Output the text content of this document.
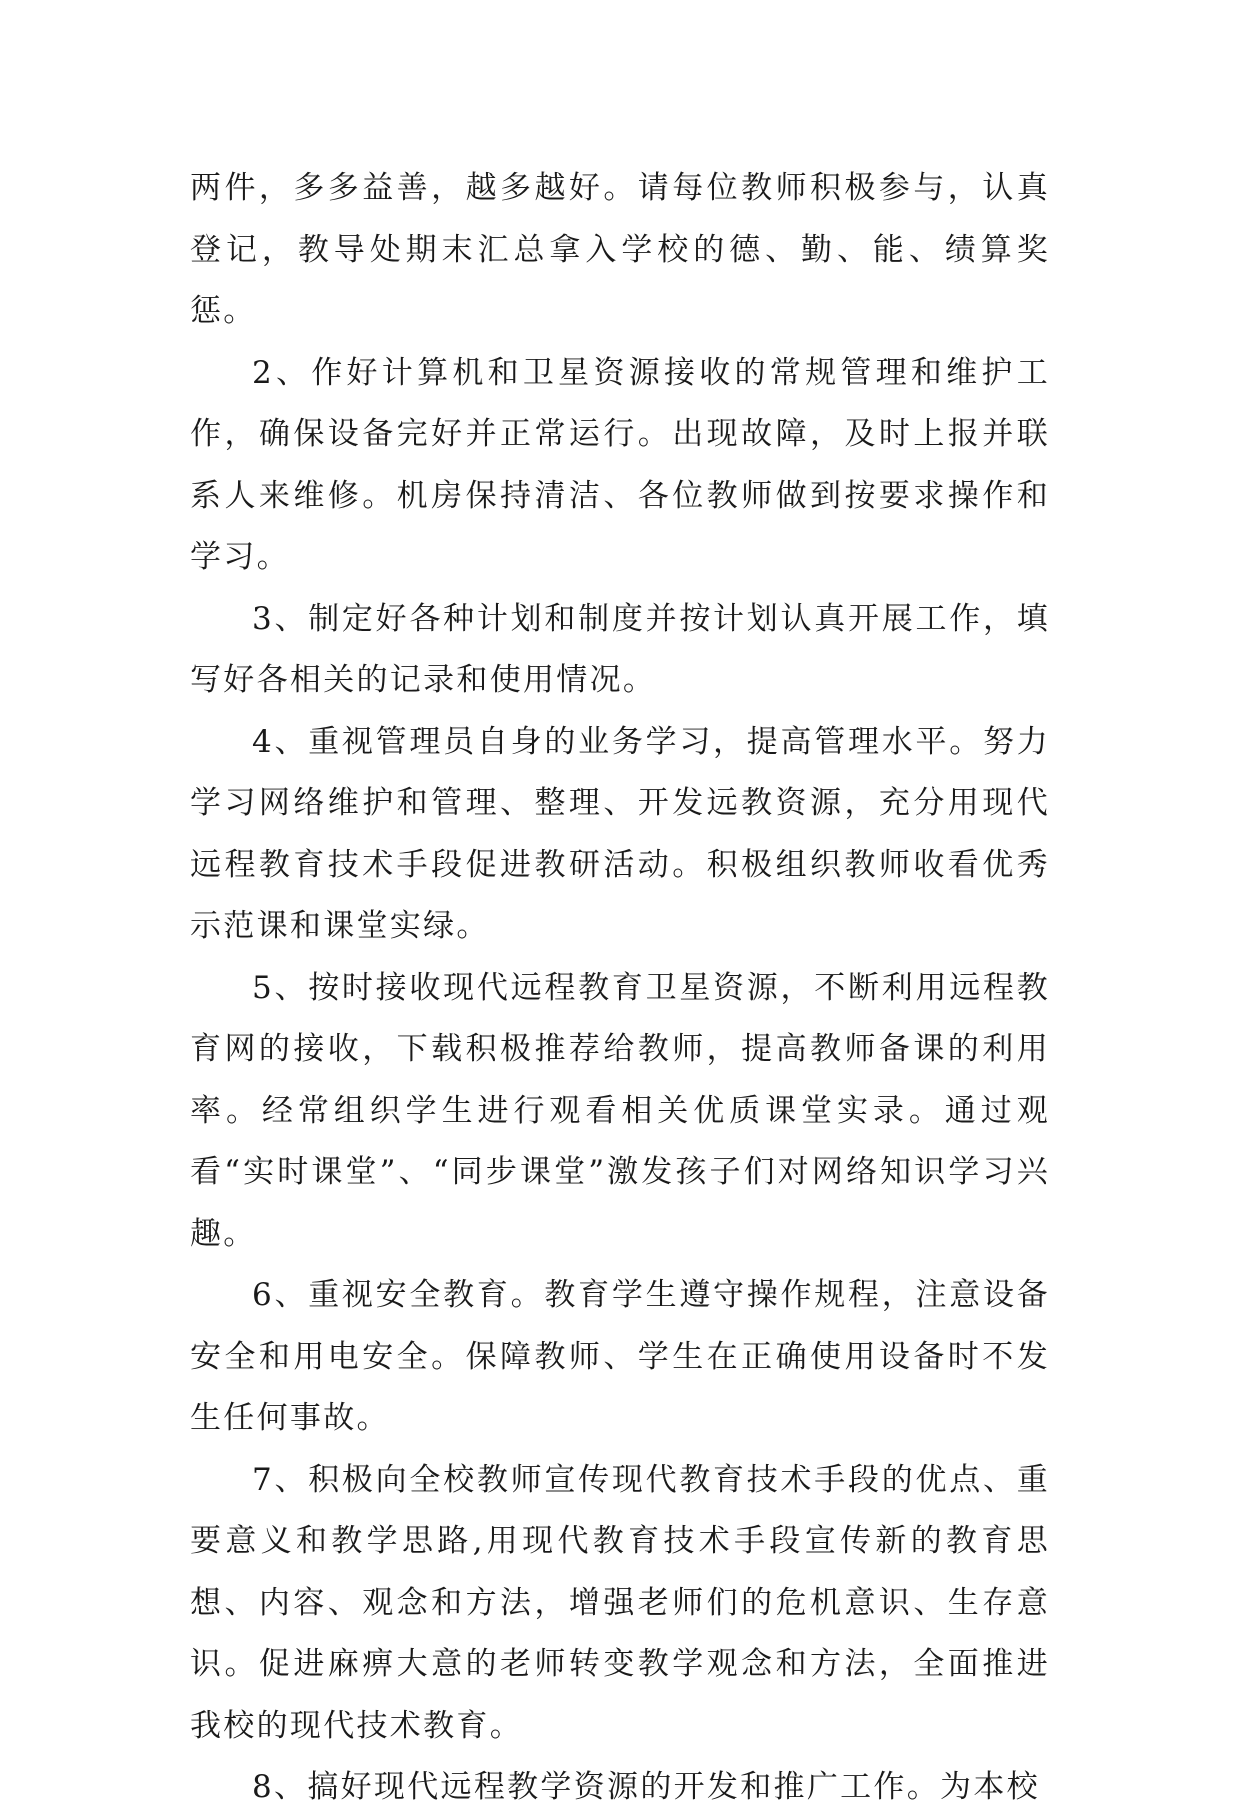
两件，多多益善，越多越好。请每位教师积极参与，认真登记，教导处期末汇总拿入学校的德、勤、能、绩算奖惩。

2、作好计算机和卫星资源接收的常规管理和维护工作，确保设备完好并正常运行。出现故障，及时上报并联系人来维修。机房保持清洁、各位教师做到按要求操作和学习。

3、制定好各种计划和制度并按计划认真开展工作，填写好各相关的记录和使用情况。

4、重视管理员自身的业务学习，提高管理水平。努力学习网络维护和管理、整理、开发远教资源，充分用现代远程教育技术手段促进教研活动。积极组织教师收看优秀示范课和课堂实绿。

5、按时接收现代远程教育卫星资源，不断利用远程教育网的接收，下载积极推荐给教师，提高教师备课的利用率。经常组织学生进行观看相关优质课堂实录。通过观看“实时课堂”、“同步课堂”激发孩子们对网络知识学习兴趣。

6、重视安全教育。教育学生遵守操作规程，注意设备安全和用电安全。保障教师、学生在正确使用设备时不发生任何事故。

7、积极向全校教师宣传现代教育技术手段的优点、重要意义和教学思路,用现代教育技术手段宣传新的教育思想、内容、观念和方法，增强老师们的危机意识、生存意识。促进麻痹大意的老师转变教学观念和方法，全面推进我校的现代技术教育。

8、搞好现代远程教学资源的开发和推广工作。为本校
